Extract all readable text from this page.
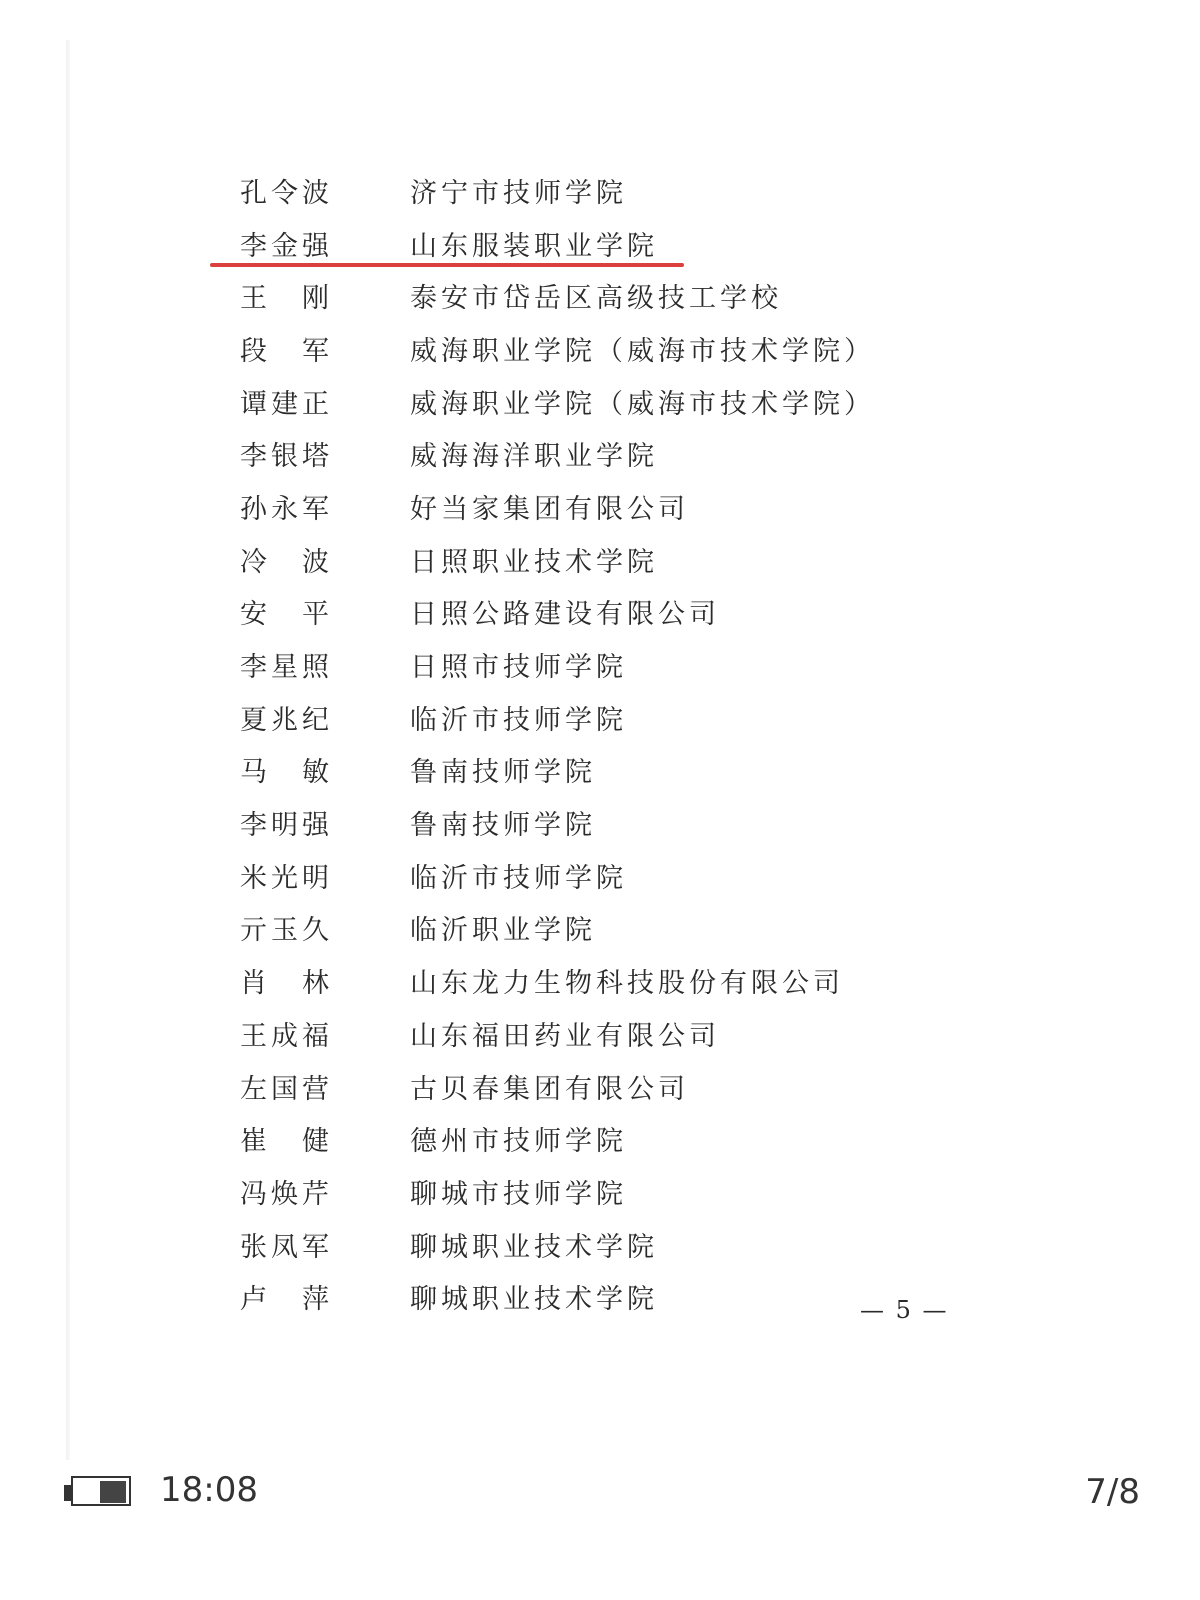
孔令波	济宁市技师学院
李金强	山东服装职业学院
王　刚	泰安市岱岳区高级技工学校
段　军	威海职业学院（威海市技术学院）
谭建正	威海职业学院（威海市技术学院）
李银塔	威海海洋职业学院
孙永军	好当家集团有限公司
冷　波	日照职业技术学院
安　平	日照公路建设有限公司
李星照	日照市技师学院
夏兆纪	临沂市技师学院
马　敏	鲁南技师学院
李明强	鲁南技师学院
米光明	临沂市技师学院
亓玉久	临沂职业学院
肖　林	山东龙力生物科技股份有限公司
王成福	山东福田药业有限公司
左国营	古贝春集团有限公司
崔　健	德州市技师学院
冯焕芹	聊城市技师学院
张凤军	聊城职业技术学院
卢　萍	聊城职业技术学院	— 5 —
18:08	7/8
